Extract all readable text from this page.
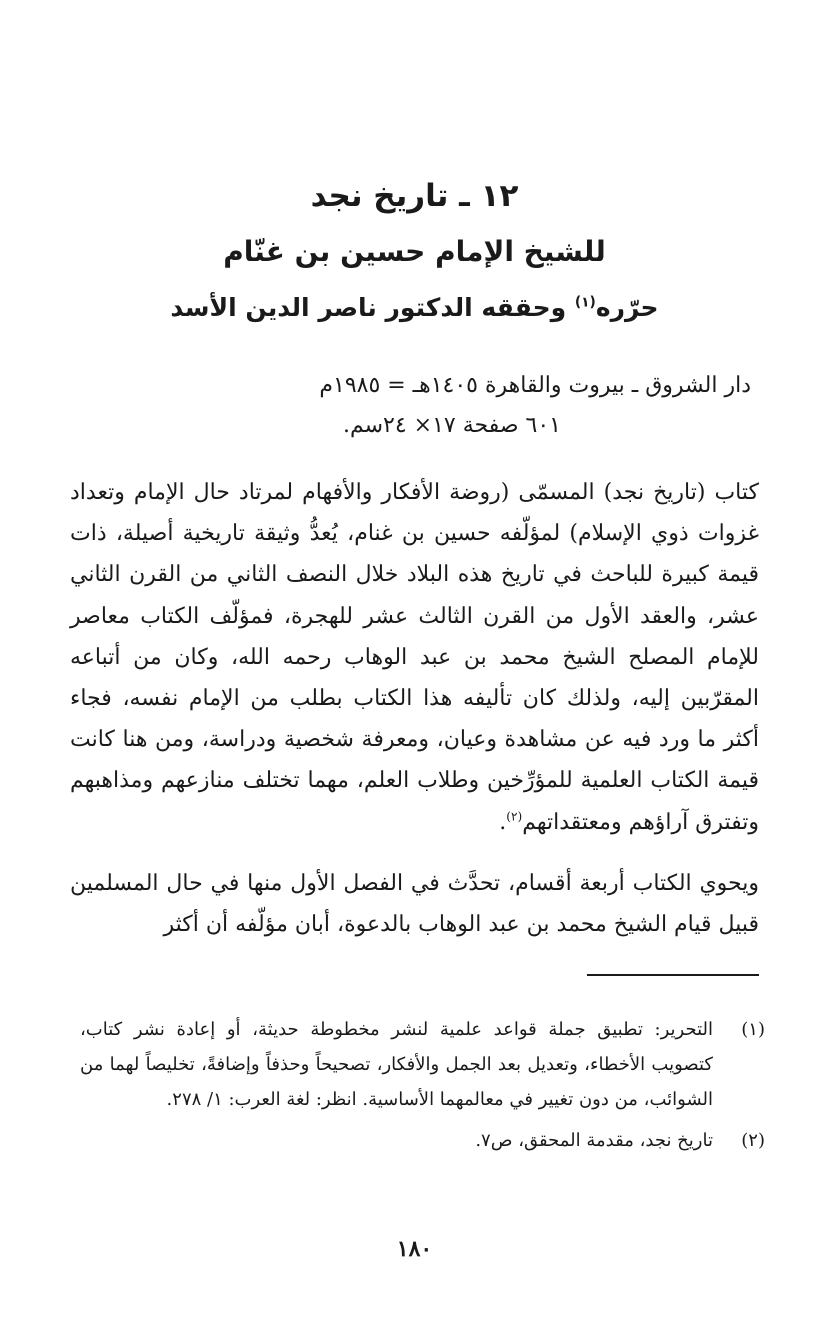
١٢ ـ تاريخ نجد
للشيخ الإمام حسين بن غنّام
حرّره$^{(١)}$ وحققه الدكتور ناصر الدين الأسد
دار الشروق ـ بيروت والقاهرة ١٤٠٥هـ = ١٩٨٥م
٦٠١ صفحة ١٧× ٢٤سم.

كتاب (تاريخ نجد) المسمّى (روضة الأفكار والأفهام لمرتاد حال الإمام وتعداد غزوات ذوي الإسلام) لمؤلّفه حسين بن غنام، يُعدُّ وثيقة تاريخية أصيلة، ذات قيمة كبيرة للباحث في تاريخ هذه البلاد خلال النصف الثاني من القرن الثاني عشر، والعقد الأول من القرن الثالث عشر للهجرة، فمؤلّف الكتاب معاصر للإمام المصلح الشيخ محمد بن عبد الوهاب رحمه الله، وكان من أتباعه المقرّبين إليه، ولذلك كان تأليفه هذا الكتاب بطلب من الإمام نفسه، فجاء أكثر ما ورد فيه عن مشاهدة وعيان، ومعرفة شخصية ودراسة، ومن هنا كانت قيمة الكتاب العلمية للمؤرِّخين وطلاب العلم، مهما تختلف منازعهم ومذاهبهم وتفترق آراؤهم ومعتقداتهم$^{(٢)}$.

ويحوي الكتاب أربعة أقسام، تحدَّث في الفصل الأول منها في حال المسلمين قبيل قيام الشيخ محمد بن عبد الوهاب بالدعوة، أبان مؤلّفه أن أكثر

(١)
التحرير: تطبيق جملة قواعد علمية لنشر مخطوطة حديثة، أو إعادة نشر كتاب، كتصويب الأخطاء، وتعديل بعد الجمل والأفكار، تصحيحاً وحذفاً وإضافةً، تخليصاً لهما من الشوائب، من دون تغيير في معالمهما الأساسية. انظر: لغة العرب: ١/ ٢٧٨.
(٢)
تاريخ نجد، مقدمة المحقق، ص٧.
١٨٠
